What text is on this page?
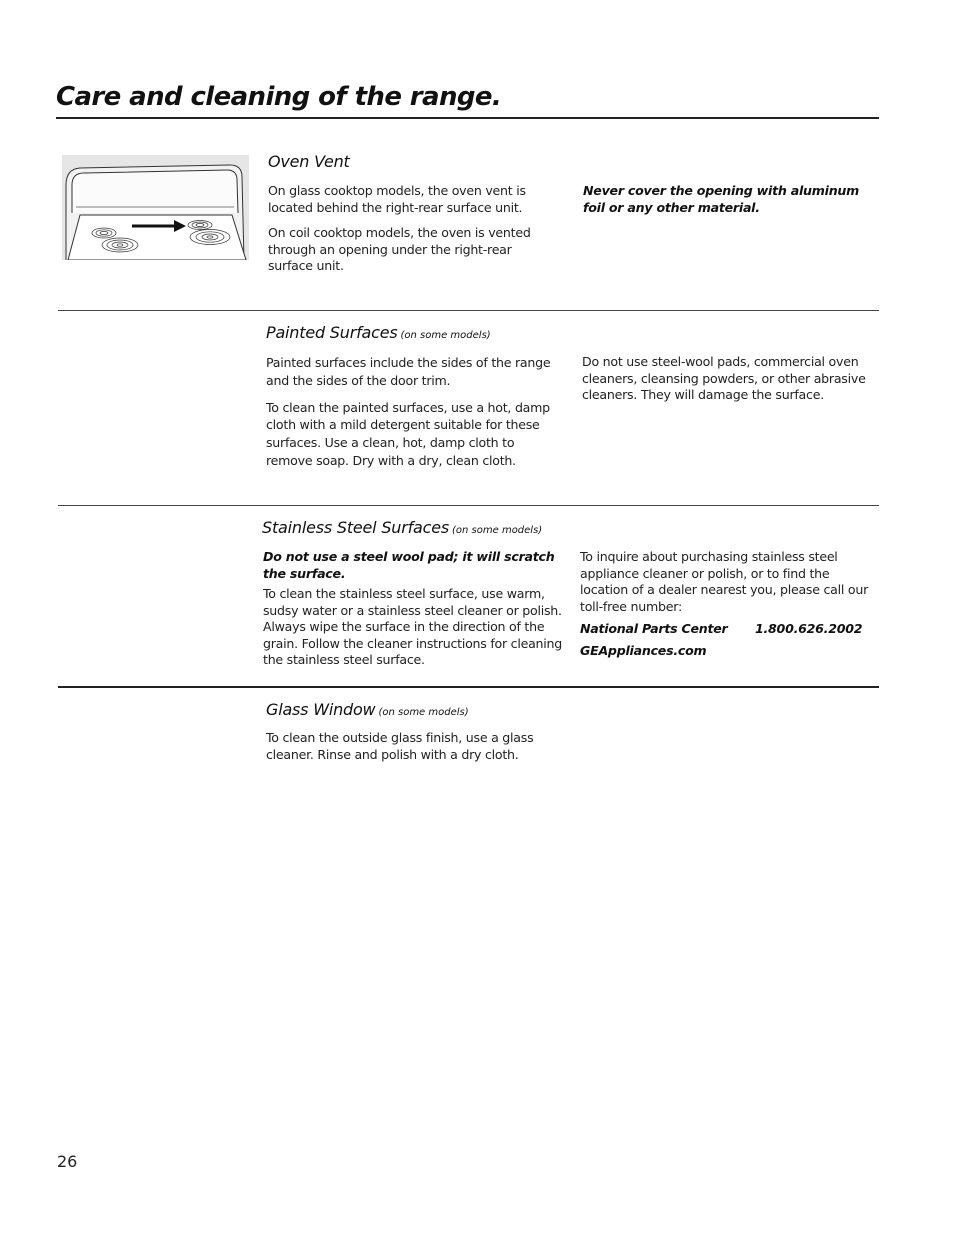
Care and cleaning of the range.
Oven Vent

On glass cooktop models, the oven vent is located behind the right-rear surface unit.

On coil cooktop models, the oven is vented through an opening under the right-rear surface unit.

Never cover the opening with aluminum foil or any other material.

Painted Surfaces (on some models)

Painted surfaces include the sides of the range and the sides of the door trim.

To clean the painted surfaces, use a hot, damp cloth with a mild detergent suitable for these surfaces. Use a clean, hot, damp cloth to remove soap. Dry with a dry, clean cloth.

Do not use steel-wool pads, commercial oven cleaners, cleansing powders, or other abrasive cleaners. They will damage the surface.

Stainless Steel Surfaces (on some models)

Do not use a steel wool pad; it will scratch the surface.

To clean the stainless steel surface, use warm, sudsy water or a stainless steel cleaner or polish. Always wipe the surface in the direction of the grain. Follow the cleaner instructions for cleaning the stainless steel surface.

To inquire about purchasing stainless steel appliance cleaner or polish, or to find the location of a dealer nearest you, please call our toll-free number:

National Parts Center	1.800.626.2002
GEAppliances.com
Glass Window (on some models)

To clean the outside glass finish, use a glass cleaner. Rinse and polish with a dry cloth.

26
